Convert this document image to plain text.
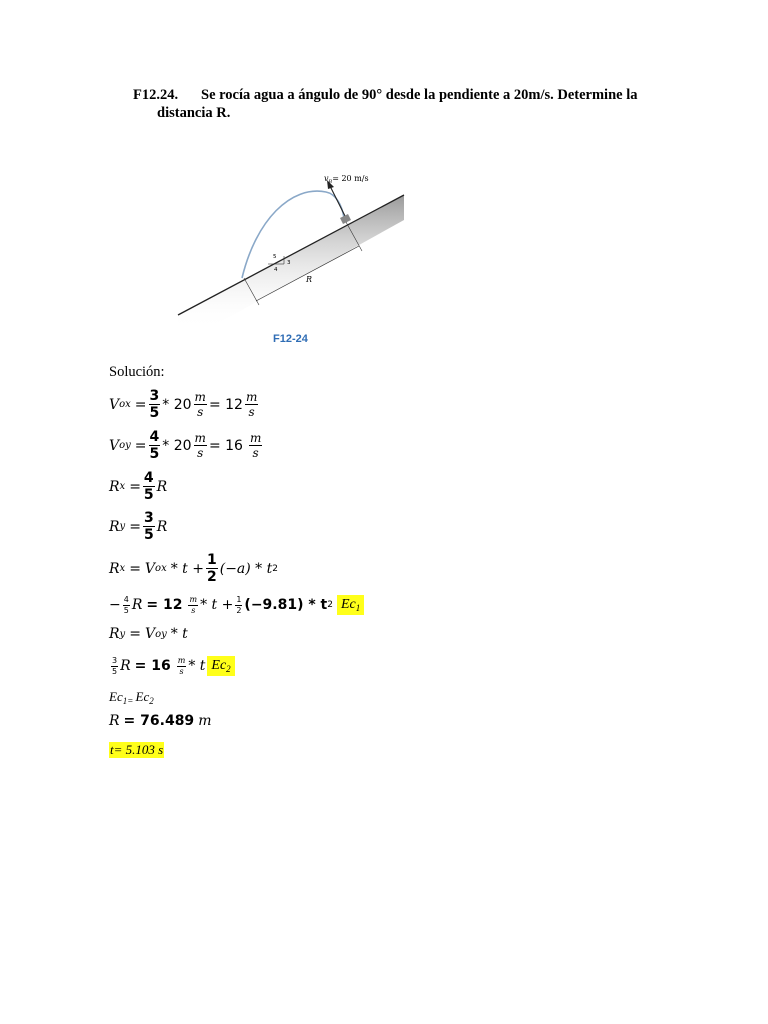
F12.24. Se rocía agua a ángulo de 90° desde la pendiente a 20m/s. Determine la
distancia R.
$v_B= 20$ m/s
5
4
3
R
F12-24
Solución:
V ox = $\frac{3}{5} * 20 \frac{m}{s} = 12 \frac{m}{s}$
V oy = $\frac{4}{5} * 20 \frac{m}{s} = 16 \frac{m}{s}$
R $x = \frac{4}{5}$ R
R $y = \frac{3}{5}$ R
R x = V ox * $t + \frac{1}{2} (-a) * t$ 2
− $\frac{4}{5}$ $R = 12 \frac{m}{s} * t + \frac{1}{2} (-9.81) * t$ 2 $Ec_1$
R y = V oy * t
$\frac{3}{5}$ $R = 16 \frac{m}{s} * t$ $Ec_2$
$Ec_{1=}$ $Ec_2$
R = 76.489 m
t= 5.103 s
